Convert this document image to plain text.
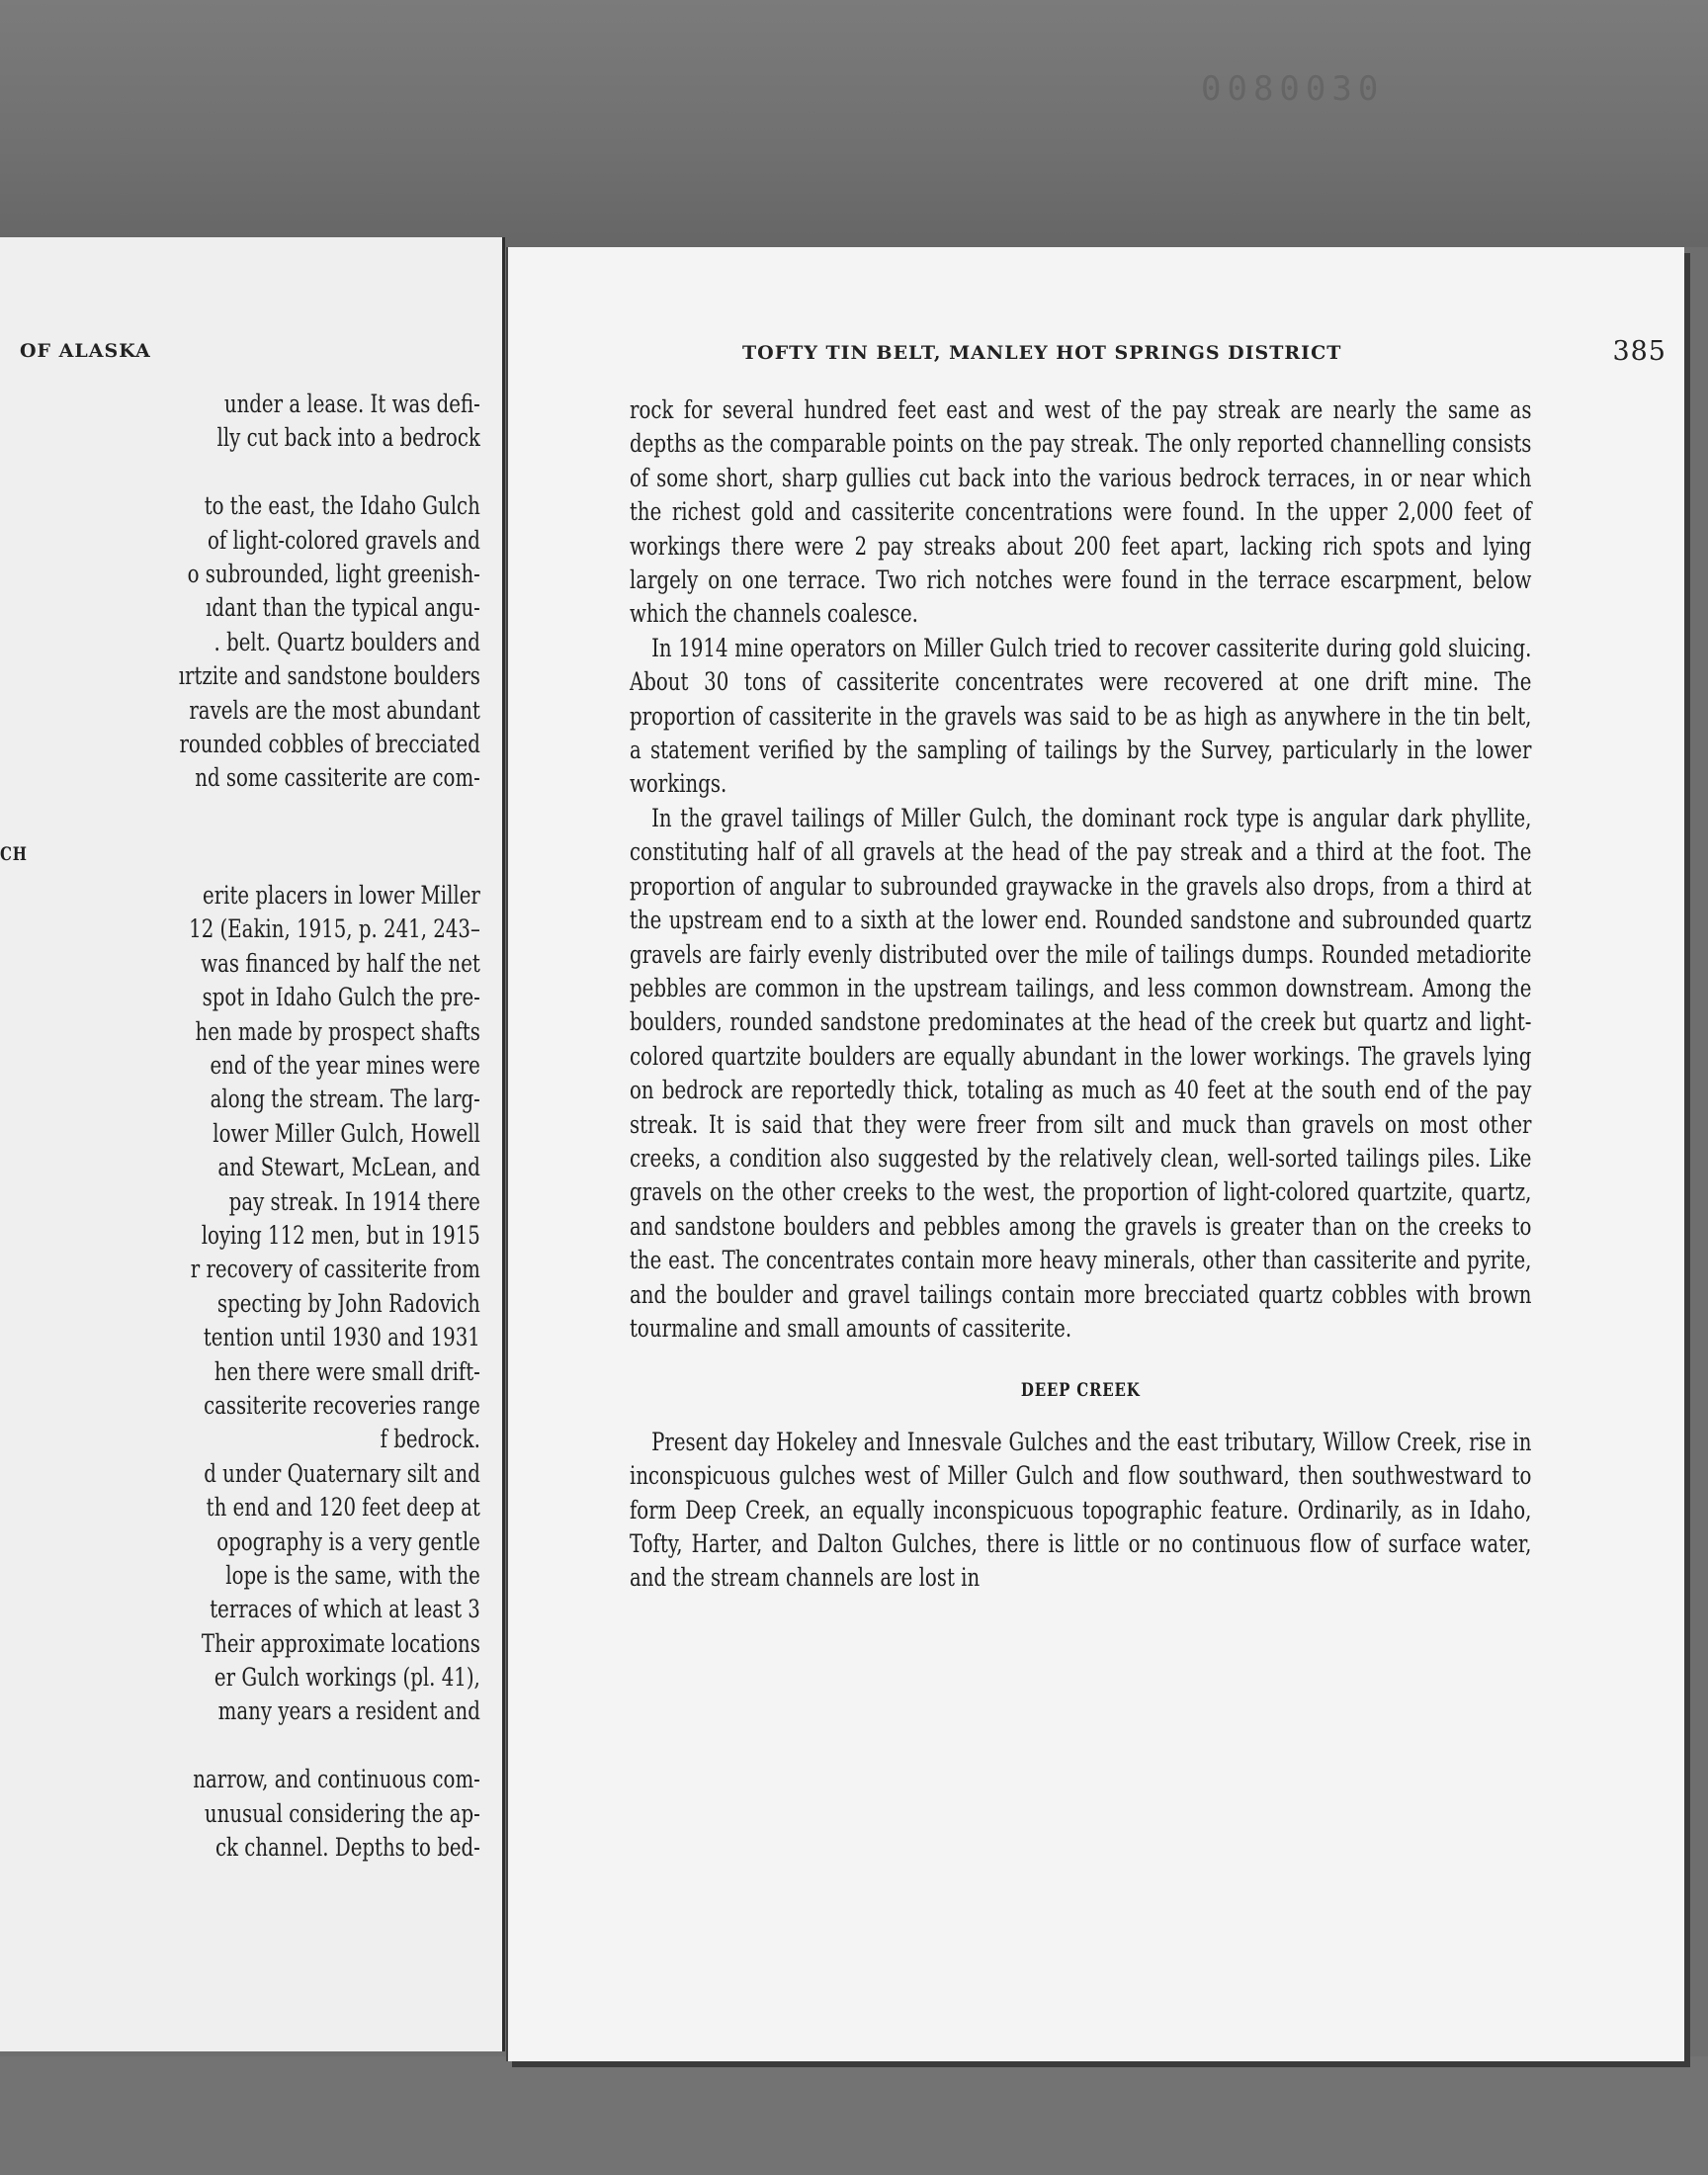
0080030
OF ALASKA
under a lease. It was defi-
lly cut back into a bedrock
to the east, the Idaho Gulch
of light-colored gravels and
o subrounded, light greenish-
ıdant than the typical angu-
. belt. Quartz boulders and
ırtzite and sandstone boulders
ravels are the most abundant
rounded cobbles of brecciated
nd some cassiterite are com-
CH
erite placers in lower Miller
12 (Eakin, 1915, p. 241, 243–
was financed by half the net
spot in Idaho Gulch the pre-
hen made by prospect shafts
end of the year mines were
along the stream. The larg-
lower Miller Gulch, Howell
and Stewart, McLean, and
pay streak. In 1914 there
loying 112 men, but in 1915
r recovery of cassiterite from
specting by John Radovich
tention until 1930 and 1931
hen there were small drift-
cassiterite recoveries range
f bedrock.
d under Quaternary silt and
th end and 120 feet deep at
opography is a very gentle
lope is the same, with the
terraces of which at least 3
Their approximate locations
er Gulch workings (pl. 41),
many years a resident and
narrow, and continuous com-
unusual considering the ap-
ck channel. Depths to bed-
TOFTY TIN BELT, MANLEY HOT SPRINGS DISTRICT	385

rock for several hundred feet east and west of the pay streak are nearly the same as depths as the comparable points on the pay streak. The only reported channelling consists of some short, sharp gullies cut back into the various bedrock terraces, in or near which the richest gold and cassiterite concentrations were found. In the upper 2,000 feet of workings there were 2 pay streaks about 200 feet apart, lacking rich spots and lying largely on one terrace. Two rich notches were found in the terrace escarpment, below which the channels coalesce.

In 1914 mine operators on Miller Gulch tried to recover cassiterite during gold sluicing. About 30 tons of cassiterite concentrates were recovered at one drift mine. The proportion of cassiterite in the gravels was said to be as high as anywhere in the tin belt, a statement verified by the sampling of tailings by the Survey, particularly in the lower workings.

In the gravel tailings of Miller Gulch, the dominant rock type is angular dark phyllite, constituting half of all gravels at the head of the pay streak and a third at the foot. The proportion of angular to subrounded graywacke in the gravels also drops, from a third at the upstream end to a sixth at the lower end. Rounded sandstone and subrounded quartz gravels are fairly evenly distributed over the mile of tailings dumps. Rounded metadiorite pebbles are common in the upstream tailings, and less common downstream. Among the boulders, rounded sandstone predominates at the head of the creek but quartz and light-colored quartzite boulders are equally abundant in the lower workings. The gravels lying on bedrock are reportedly thick, totaling as much as 40 feet at the south end of the pay streak. It is said that they were freer from silt and muck than gravels on most other creeks, a condition also suggested by the relatively clean, well-sorted tailings piles. Like gravels on the other creeks to the west, the proportion of light-colored quartzite, quartz, and sandstone boulders and pebbles among the gravels is greater than on the creeks to the east. The concentrates contain more heavy minerals, other than cassiterite and pyrite, and the boulder and gravel tailings contain more brecciated quartz cobbles with brown tourmaline and small amounts of cassiterite.

DEEP CREEK

Present day Hokeley and Innesvale Gulches and the east tributary, Willow Creek, rise in inconspicuous gulches west of Miller Gulch and flow southward, then southwestward to form Deep Creek, an equally inconspicuous topographic feature. Ordinarily, as in Idaho, Tofty, Harter, and Dalton Gulches, there is little or no continuous flow of surface water, and the stream channels are lost in
